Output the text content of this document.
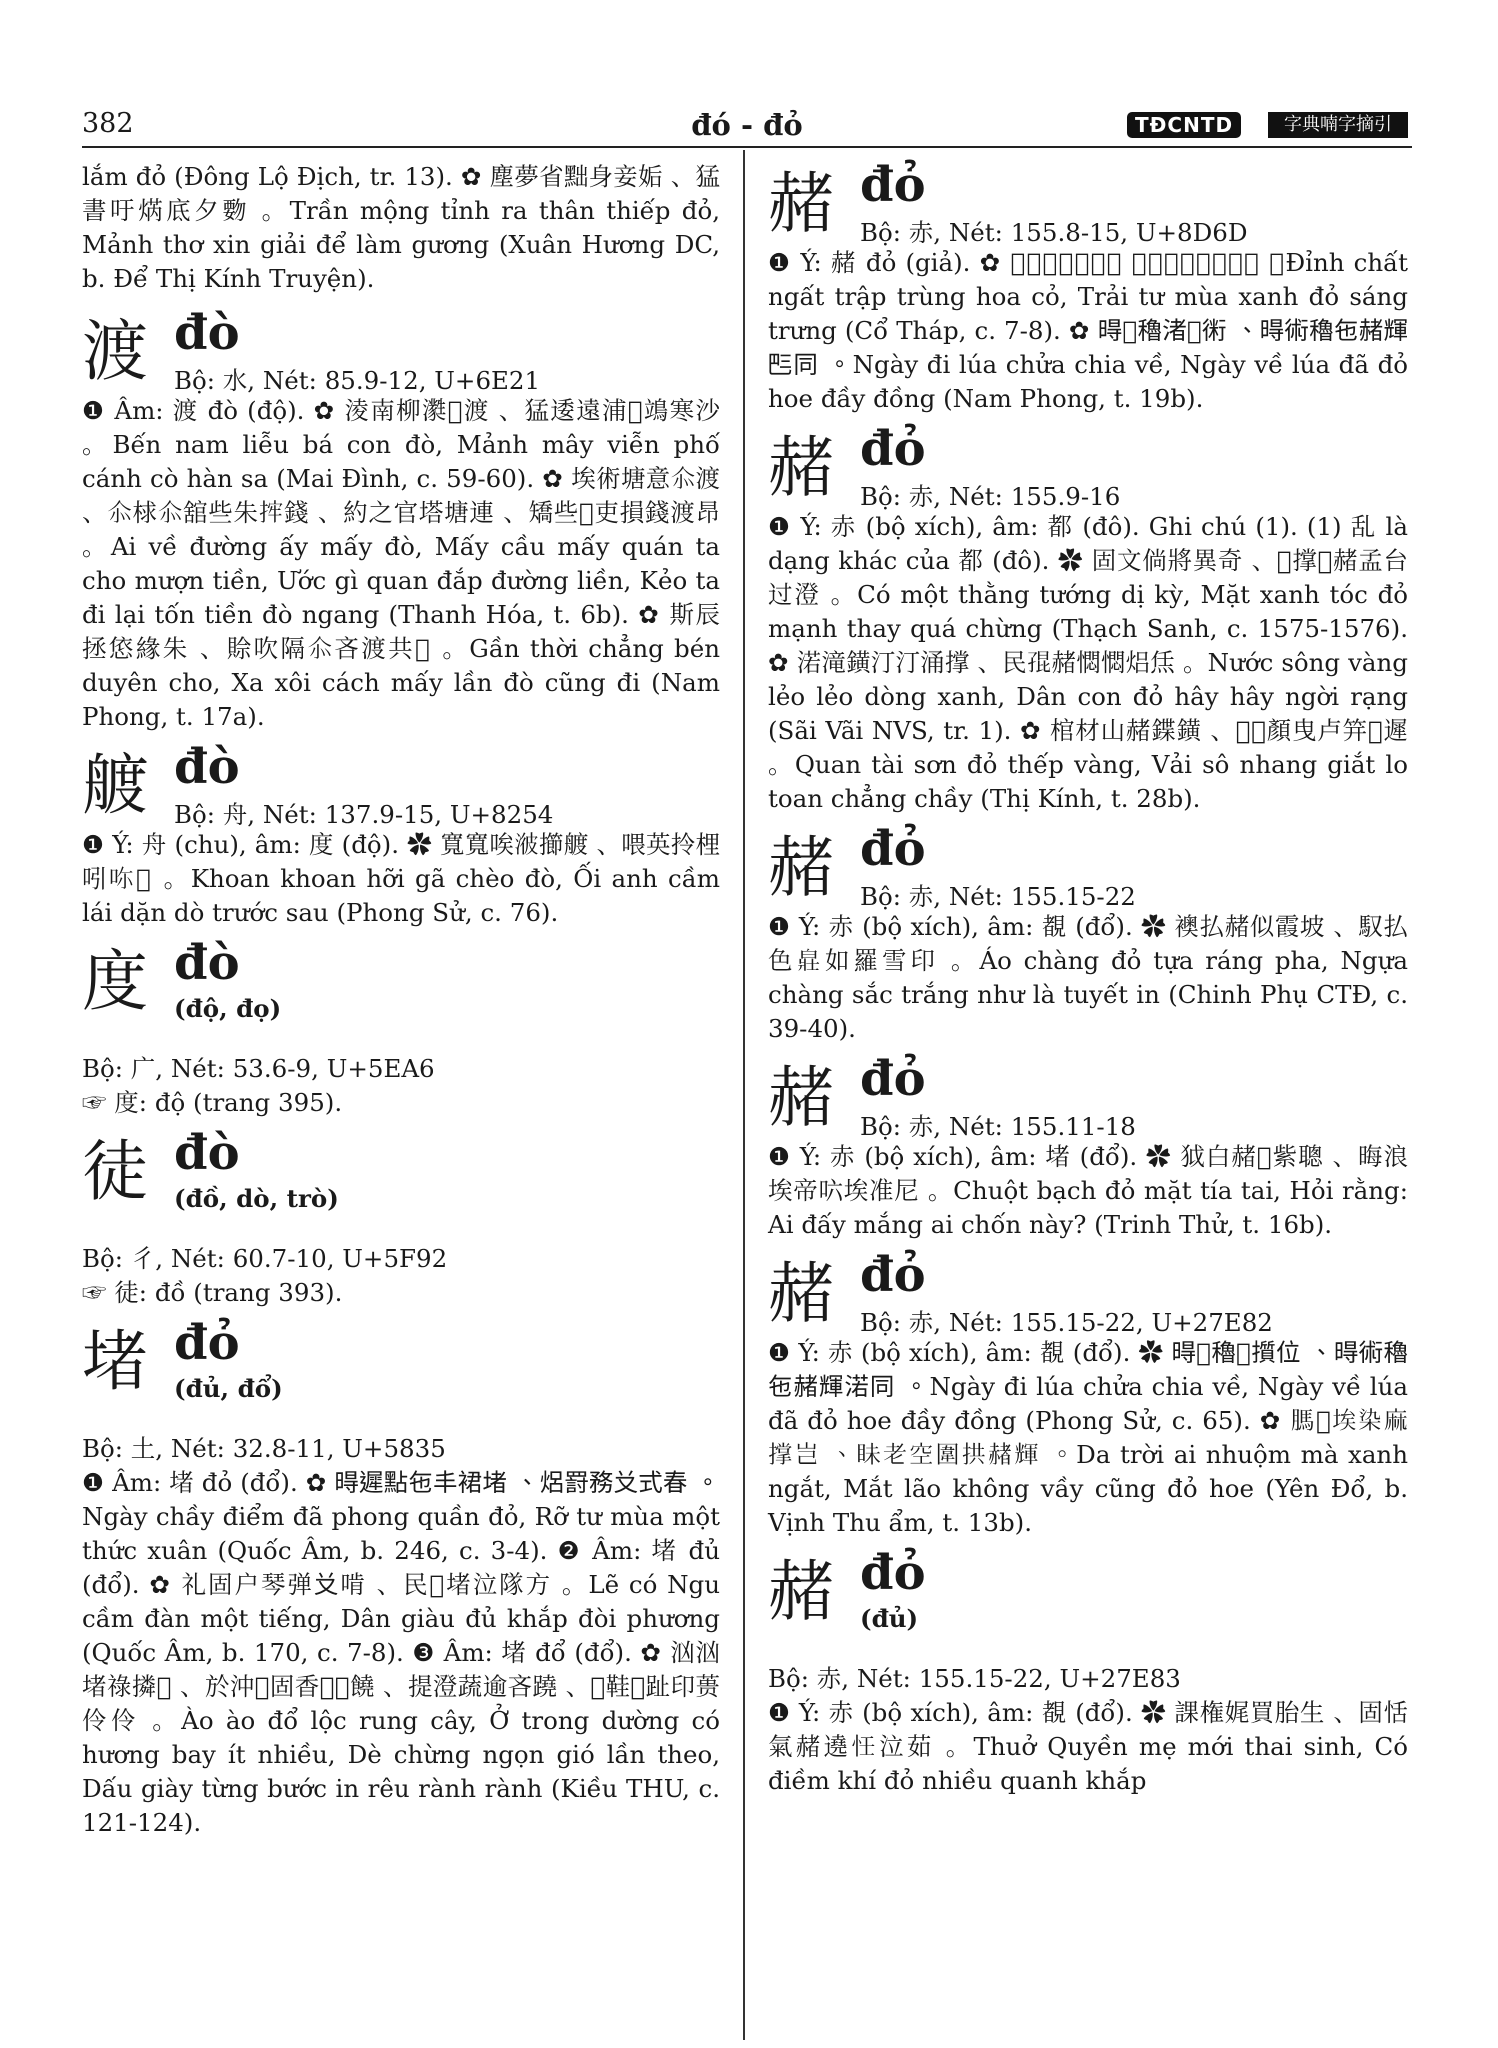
382	đó - đỏ	TĐCNTD	字典喃字摘引

lắm đỏ (Đông Lộ Địch, tr. 13). ✿ 塵夢省黜身妾姤 、猛書吁焫底夕覅 。Trần mộng tỉnh ra thân thiếp đỏ, Mảnh thơ xin giải để làm gương (Xuân Hương DC, b. Để Thị Kính Truyện).

渡 đò
Bộ: 水, Nét: 85.9-12, U+6E21

❶ Âm: 渡 đò (độ). ✿ 淩南柳㶋𣘃渡 、猛逶遠浦𦏀鴗寒沙 。Bến nam liễu bá con đò, Mảnh mây viễn phố cánh cò hàn sa (Mai Đình, c. 59-60). ✿ 埃術塘意𠇍渡 、𠇍梂𠇍舘些朱𢭂錢 、約之官塔塘連 、矯些𨖲吏損錢渡昂 。Ai về đường ấy mấy đò, Mấy cầu mấy quán ta cho mượn tiền, Ước gì quan đắp đường liền, Kẻo ta đi lại tốn tiền đò ngang (Thanh Hóa, t. 6b). ✿ 斯辰拯㥋緣朱 、賒吹隔𠇍吝渡共𨖲 。Gần thời chẳng bén duyên cho, Xa xôi cách mấy lần đò cũng đi (Nam Phong, t. 17a).

艔 đò
Bộ: 舟, Nét: 137.9-15, U+8254

❶ Ý: 舟 (chu), âm: 度 (độ). ✿ 寬寬唉𣷭擳艔 、喂英拎梩吲𠰚𡢐 。Khoan khoan hỡi gã chèo đò, Ối anh cầm lái dặn dò trước sau (Phong Sử, c. 76).

度 đò
(độ, đọ)
Bộ: 广, Nét: 53.6-9, U+5EA6

☞ 度: độ (trang 395).

徒 đò
(đồ, dò, trò)
Bộ: 彳, Nét: 60.7-10, U+5F92

☞ 徒: đồ (trang 393).

堵 đỏ
(đủ, đổ)
Bộ: 土, Nét: 32.8-11, U+5835

❶ Âm: 堵 đỏ (đổ). ✿ 𣈜遲點㐌丰裙堵 、焒罸務𠬠式春 。Ngày chầy điểm đã phong quần đỏ, Rỡ tư mùa một thức xuân (Quốc Âm, b. 246, c. 3-4). ❷ Âm: 堵 đủ (đổ). ✿ 礼固户琴弹𠬠啃 、民𩵜堵泣隊方 。Lẽ có Ngu cầm đàn một tiếng, Dân giàu đủ khắp đòi phương (Quốc Âm, b. 170, c. 7-8). ❸ Âm: 堵 đổ (đổ). ✿ 汹汹堵祿撛𣘃 、於沖𨤔固香𩙻𠃣饒 、提澄蔬逾吝蹺 、𨀈鞋𠓀趾印蒉伶伶 。Ào ào đổ lộc rung cây, Ở trong dường có hương bay ít nhiều, Dè chừng ngọn gió lần theo, Dấu giày từng bước in rêu rành rành (Kiều THU, c. 121-124).

赭 đỏ
Bộ: 赤, Nét: 155.8-15, U+8D6D

❶ Ý: 赭 đỏ (giả). ✿ 𡶀質屹𧍍重花鞋 、𠷥罸務樣赭創𢫝 。Đỉnh chất ngất trập trùng hoa cỏ, Trải tư mùa xanh đỏ sáng trưng (Cổ Tháp, c. 7-8). ✿ 𣈜𨖲穭渚𢺺𧗱 、𣈜術穭㐌赭輝𠀧同 。Ngày đi lúa chửa chia về, Ngày về lúa đã đỏ hoe đầy đồng (Nam Phong, t. 19b).

赭 đỏ
Bộ: 赤, Nét: 155.9-16

❶ Ý: 赤 (bộ xích), âm: 都 (đô). Ghi chú (1). (1) 乱 là dạng khác của 都 (đô). ✿ 固文倘將異奇 、𢶼撑𩯀赭孟台过澄 。Có một thằng tướng dị kỳ, Mặt xanh tóc đỏ mạnh thay quá chừng (Thạch Sanh, c. 1575-1576). ✿ 渃滝鐄汀汀涌撑 、民𡥵赭㦖㦖焒㶵 。Nước sông vàng lẻo lẻo dòng xanh, Dân con đỏ hây hây ngời rạng (Sãi Vãi NVS, tr. 1). ✿ 棺材山赭鍱鐄 、𩈘𦄾顏曳卢笄𡉦遲 。Quan tài sơn đỏ thếp vàng, Vải sô nhang giắt lo toan chẳng chầy (Thị Kính, t. 28b).

赭 đỏ
Bộ: 赤, Nét: 155.15-22

❶ Ý: 赤 (bộ xích), âm: 覩 (đổ). ✿ 襖払赭似霞坡 、馭払色𤽸如羅雪印 。Áo chàng đỏ tựa ráng pha, Ngựa chàng sắc trắng như là tuyết in (Chinh Phụ CTĐ, c. 39-40).

赭 đỏ
Bộ: 赤, Nét: 155.11-18

❶ Ý: 赤 (bộ xích), âm: 堵 (đổ). ✿ 狘白赭𩈘紫聰 、晦浪埃帝𠯿埃准尼 。Chuột bạch đỏ mặt tía tai, Hỏi rằng: Ai đấy mắng ai chốn này? (Trinh Thử, t. 16b).

赭 đỏ
Bộ: 赤, Nét: 155.15-22, U+27E82

❶ Ý: 赤 (bộ xích), âm: 覩 (đổ). ✿ 𣈜𨖲穭𤃠㩫位 、𣈜術穭㐌赭輝渃同 。Ngày đi lúa chửa chia về, Ngày về lúa đã đỏ hoe đầy đồng (Phong Sử, c. 65). ✿ 𦟐𡗶埃染麻撑岂 、眛老空圍拱赭輝 。Da trời ai nhuộm mà xanh ngắt, Mắt lão không vầy cũng đỏ hoe (Yên Đổ, b. Vịnh Thu ẩm, t. 13b).

赭 đỏ
(đủ)
Bộ: 赤, Nét: 155.15-22, U+27E83

❶ Ý: 赤 (bộ xích), âm: 覩 (đổ). ✿ 課権娓買胎生 、固恬氣赭遶𢗖泣茹 。Thuở Quyền mẹ mới thai sinh, Có điềm khí đỏ nhiều quanh khắp
